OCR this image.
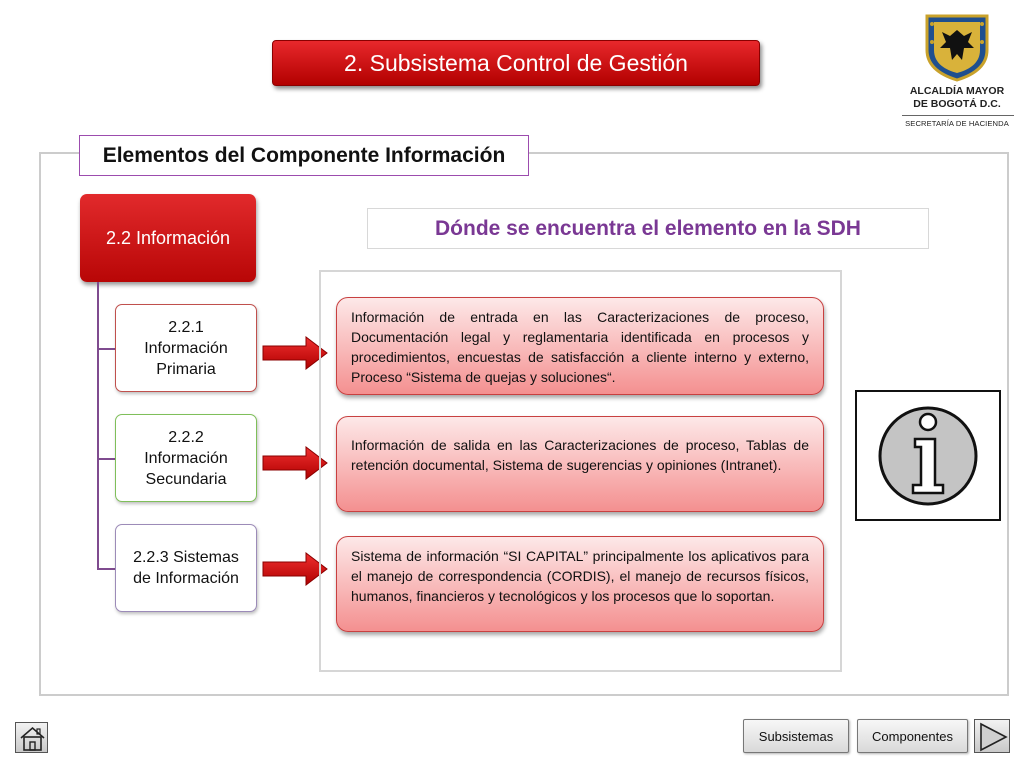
2. Subsistema Control de Gestión
ALCALDÍA MAYOR
DE BOGOTÁ D.C.
SECRETARÍA DE HACIENDA
Elementos del Componente Información
2.2 Información
2.2.1 Información Primaria
2.2.2 Información Secundaria
2.2.3 Sistemas de Información
Dónde se encuentra el elemento en la SDH
Información de entrada en las Caracterizaciones de proceso, Documentación legal y reglamentaria identificada en procesos y procedimientos, encuestas de satisfacción a cliente interno y externo, Proceso “Sistema de quejas y soluciones“.
Información de salida en las Caracterizaciones de proceso, Tablas de retención documental, Sistema de sugerencias y opiniones (Intranet).
Sistema de información “SI CAPITAL” principalmente los aplicativos para el manejo de correspondencia (CORDIS), el manejo de recursos físicos, humanos, financieros y tecnológicos y los procesos que lo soportan.
Subsistemas	Componentes
